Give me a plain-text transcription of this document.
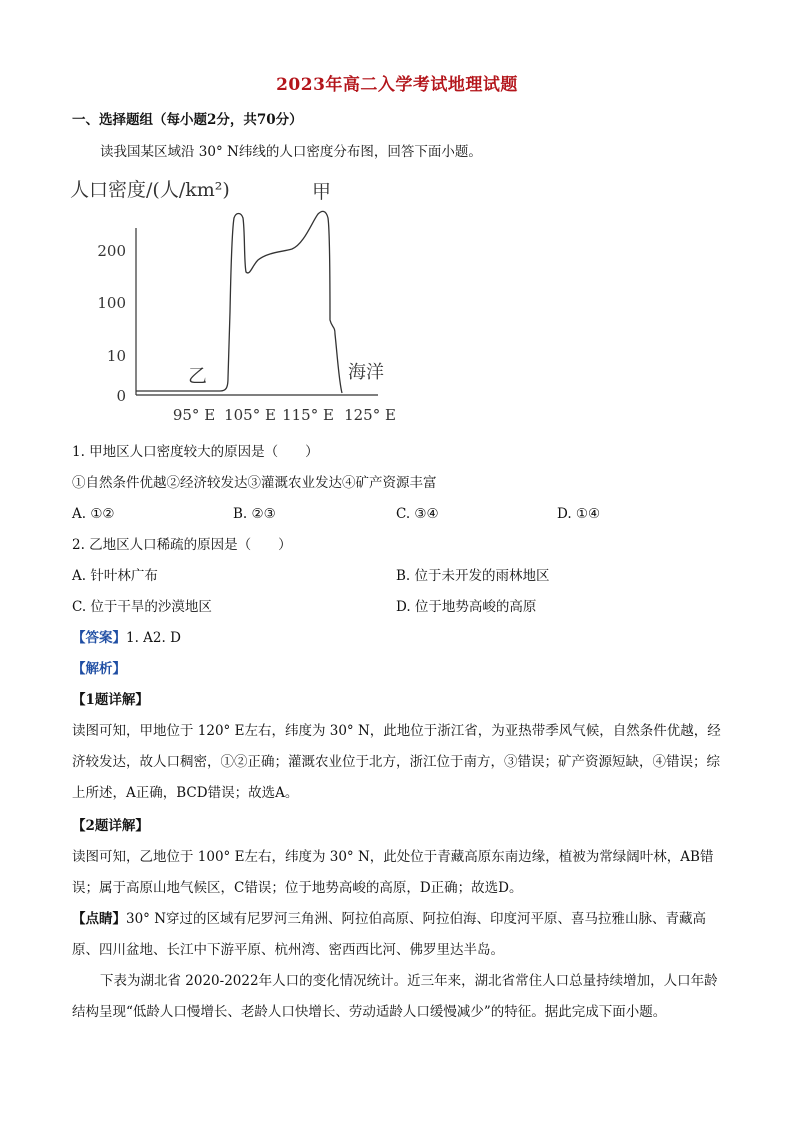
2023年高二入学考试地理试题
一、选择题组（每小题2分，共70分）
读我国某区域沿 30° N纬线的人口密度分布图，回答下面小题。
人口密度/(人/km²)	甲
200
100
10
0
95° E 105° E 115° E 125° E
乙	海洋
1. 甲地区人口密度较大的原因是（　　）
①自然条件优越②经济较发达③灌溉农业发达④矿产资源丰富
A. ①②	B. ②③	C. ③④	D. ①④
2. 乙地区人口稀疏的原因是（　　）
A. 针叶林广布	B. 位于未开发的雨林地区
C. 位于干旱的沙漠地区	D. 位于地势高峻的高原
【答案】1. A2. D
【解析】
【1题详解】
读图可知，甲地位于 120° E左右，纬度为 30° N，此地位于浙江省，为亚热带季风气候，自然条件优越，经济较发达，故人口稠密，①②正确；灌溉农业位于北方，浙江位于南方，③错误；矿产资源短缺，④错误；综上所述，A正确，BCD错误；故选A。
【2题详解】
读图可知，乙地位于 100° E左右，纬度为 30° N，此处位于青藏高原东南边缘，植被为常绿阔叶林，AB错误；属于高原山地气候区，C错误；位于地势高峻的高原，D正确；故选D。
【点睛】30° N穿过的区域有尼罗河三角洲、阿拉伯高原、阿拉伯海、印度河平原、喜马拉雅山脉、青藏高原、四川盆地、长江中下游平原、杭州湾、密西西比河、佛罗里达半岛。
下表为湖北省 2020-2022年人口的变化情况统计。近三年来，湖北省常住人口总量持续增加，人口年龄结构呈现“低龄人口慢增长、老龄人口快增长、劳动适龄人口缓慢减少”的特征。据此完成下面小题。
